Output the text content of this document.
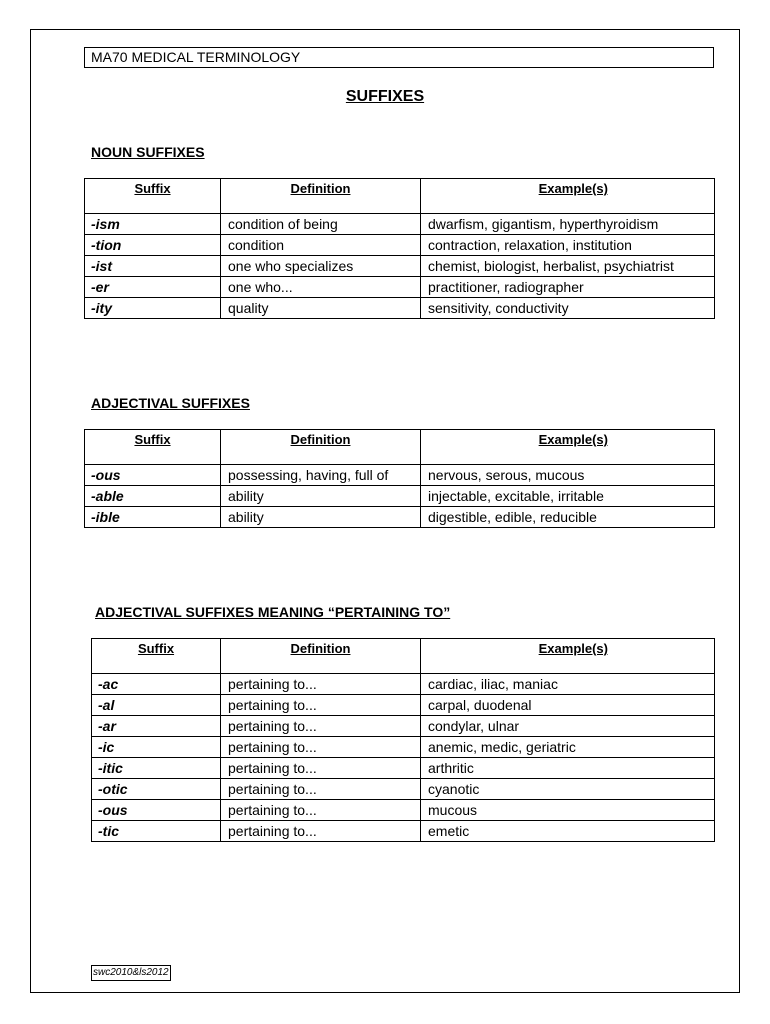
MA70 MEDICAL TERMINOLOGY
SUFFIXES
NOUN SUFFIXES
Suffix	Definition	Example(s)
-ism	condition of being	dwarfism, gigantism, hyperthyroidism
-tion	condition	contraction, relaxation, institution
-ist	one who specializes	chemist, biologist, herbalist, psychiatrist
-er	one who...	practitioner, radiographer
-ity	quality	sensitivity, conductivity
ADJECTIVAL SUFFIXES
Suffix	Definition	Example(s)
-ous	possessing, having, full of	nervous, serous, mucous
-able	ability	injectable, excitable, irritable
-ible	ability	digestible, edible, reducible
ADJECTIVAL SUFFIXES MEANING “PERTAINING TO”
Suffix	Definition	Example(s)
-ac	pertaining to...	cardiac, iliac, maniac
-al	pertaining to...	carpal, duodenal
-ar	pertaining to...	condylar, ulnar
-ic	pertaining to...	anemic, medic, geriatric
-itic	pertaining to...	arthritic
-otic	pertaining to...	cyanotic
-ous	pertaining to...	mucous
-tic	pertaining to...	emetic
swc2010&ls2012
